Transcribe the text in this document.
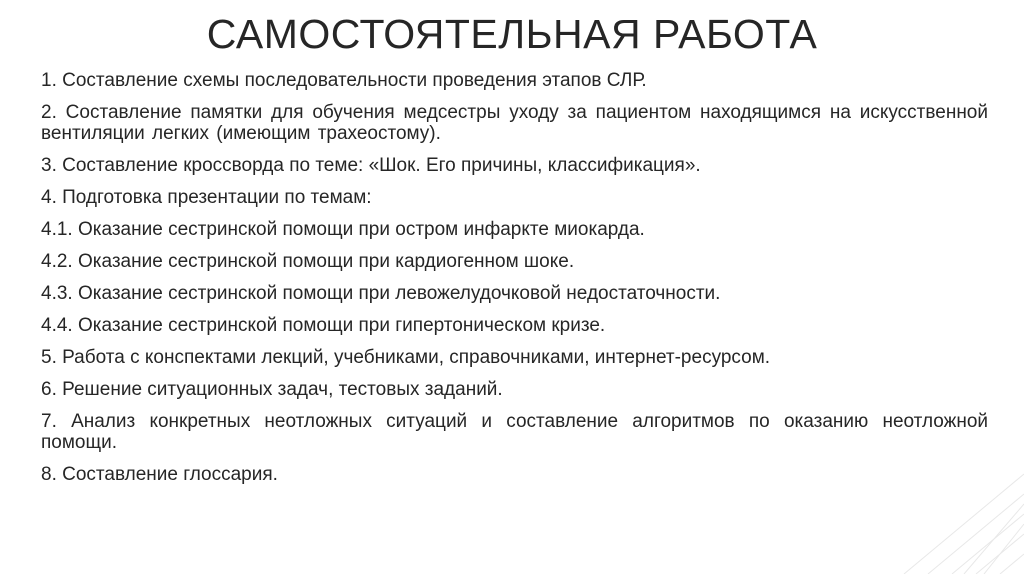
САМОСТОЯТЕЛЬНАЯ РАБОТА
1. Составление схемы последовательности проведения этапов СЛР.
2. Составление памятки для обучения медсестры уходу за пациентом находящимся на искусственной вентиляции легких (имеющим трахеостому).
3. Составление кроссворда по теме: «Шок. Его причины, классификация».
4. Подготовка презентации по темам:
4.1. Оказание сестринской помощи при остром инфаркте миокарда.
4.2. Оказание сестринской помощи при кардиогенном шоке.
4.3. Оказание сестринской помощи при левожелудочковой недостаточности.
4.4. Оказание сестринской помощи при гипертоническом кризе.
5. Работа с конспектами лекций, учебниками, справочниками, интернет-ресурсом.
6. Решение ситуационных задач, тестовых заданий.
7. Анализ конкретных неотложных ситуаций и составление алгоритмов по оказанию неотложной помощи.
8. Составление глоссария.
